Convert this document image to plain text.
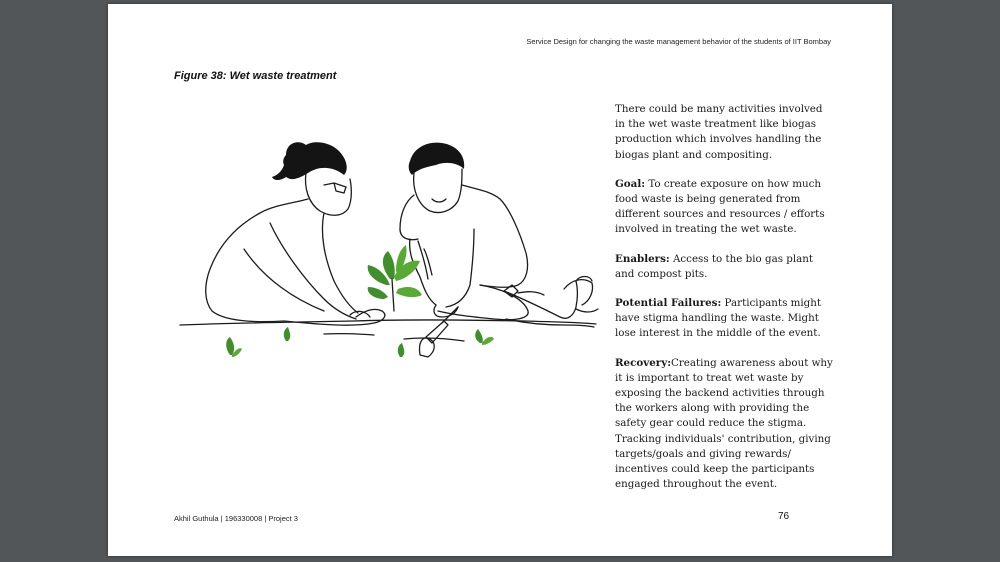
Service Design for changing the waste management behavior of the students of IIT Bombay
Figure 38: Wet waste treatment

There could be many activities involved in the wet waste treatment like biogas production which involves handling the biogas plant and compositing.

Goal: To create exposure on how much food waste is being generated from different sources and resources / efforts involved in treating the wet waste.

Enablers: Access to the bio gas plant and compost pits.

Potential Failures: Participants might have stigma handling the waste. Might lose interest in the middle of the event.

Recovery:Creating awareness about why it is important to treat wet waste by exposing the backend activities through the workers along with providing the safety gear could reduce the stigma. Tracking individuals' contribution, giving targets/goals and giving rewards/ incentives could keep the participants engaged throughout the event.

Akhil Guthula | 196330008 | Project 3	76
